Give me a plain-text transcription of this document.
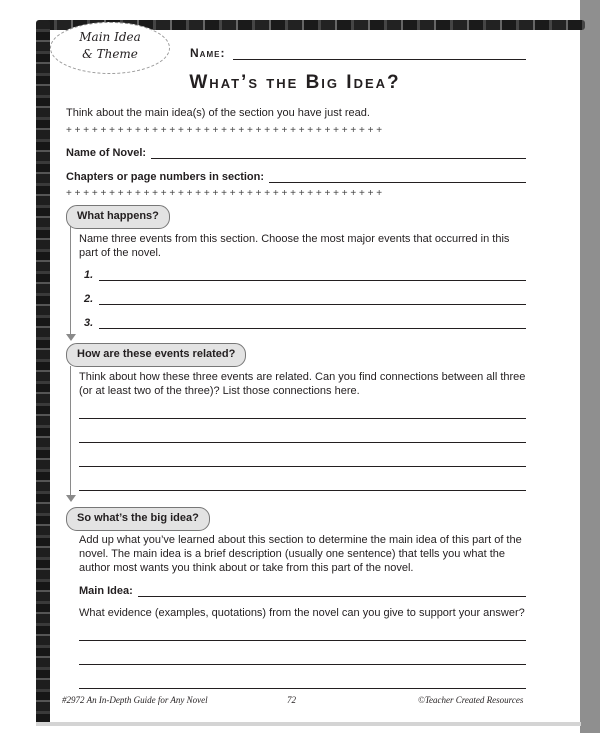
Main Idea
& Theme	Name:
What’s the Big Idea?
Think about the main idea(s) of the section you have just read.
+ + + + + + + + + + + + + + + + + + + + + + + + + + + + + + + + + + + + +
Name of Novel:
Chapters or page numbers in section:
+ + + + + + + + + + + + + + + + + + + + + + + + + + + + + + + + + + + + +
What happens?
Name three events from this section. Choose the most major events that occurred in this part of the novel.
1.
2.
3.
How are these events related?
Think about how these three events are related. Can you find connections between all three (or at least two of the three)? List those connections here.
So what’s the big idea?
Add up what you’ve learned about this section to determine the main idea of this part of the novel. The main idea is a brief description (usually one sentence) that tells you what the author most wants you think about or take from this part of the novel.
Main Idea:
What evidence (examples, quotations) from the novel can you give to support your answer?
#2972 An In-Depth Guide for Any Novel	72	©Teacher Created Resources
